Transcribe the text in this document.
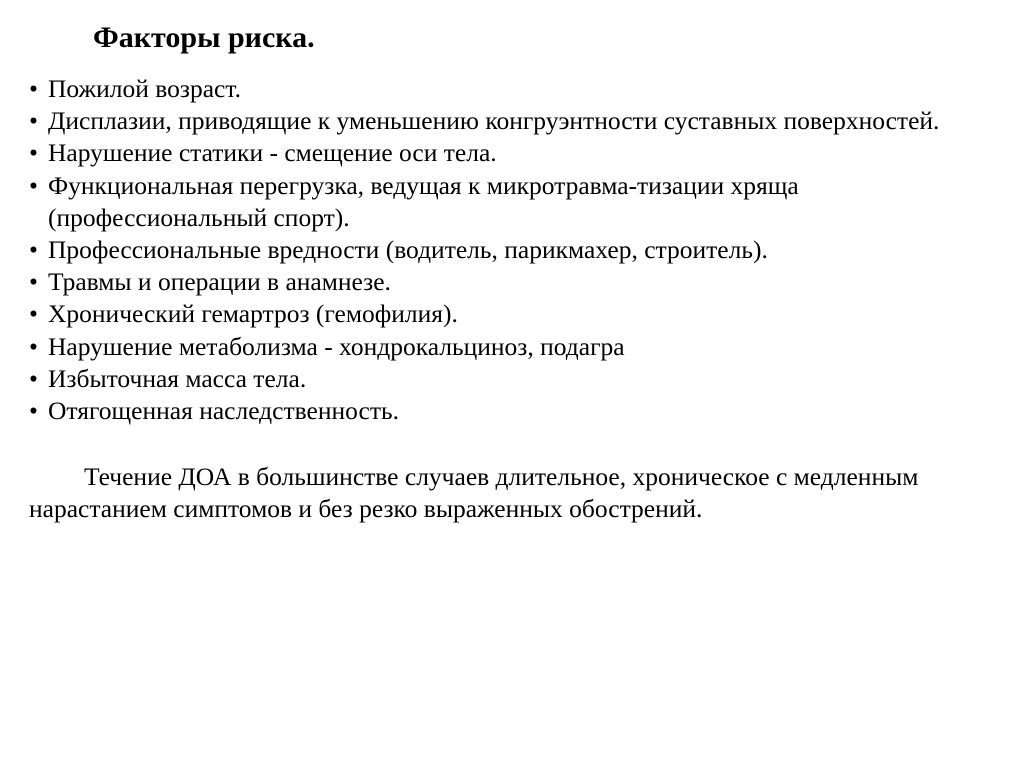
Факторы риска.
• Пожилой возраст.
• Дисплазии, приводящие к уменьшению конгруэнтности суставных поверхностей.
• Нарушение статики - смещение оси тела.
• Функциональная перегрузка, ведущая к микротравма-тизации хряща (профессиональный спорт).
• Профессиональные вредности (водитель, парикмахер, строитель).
• Травмы и операции в анамнезе.
• Хронический гемартроз (гемофилия).
• Нарушение метаболизма - хондрокальциноз, подагра
• Избыточная масса тела.
• Отягощенная наследственность.

Течение ДОА в большинстве случаев длительное, хроническое с медленным нарастанием симптомов и без резко выраженных обострений.
